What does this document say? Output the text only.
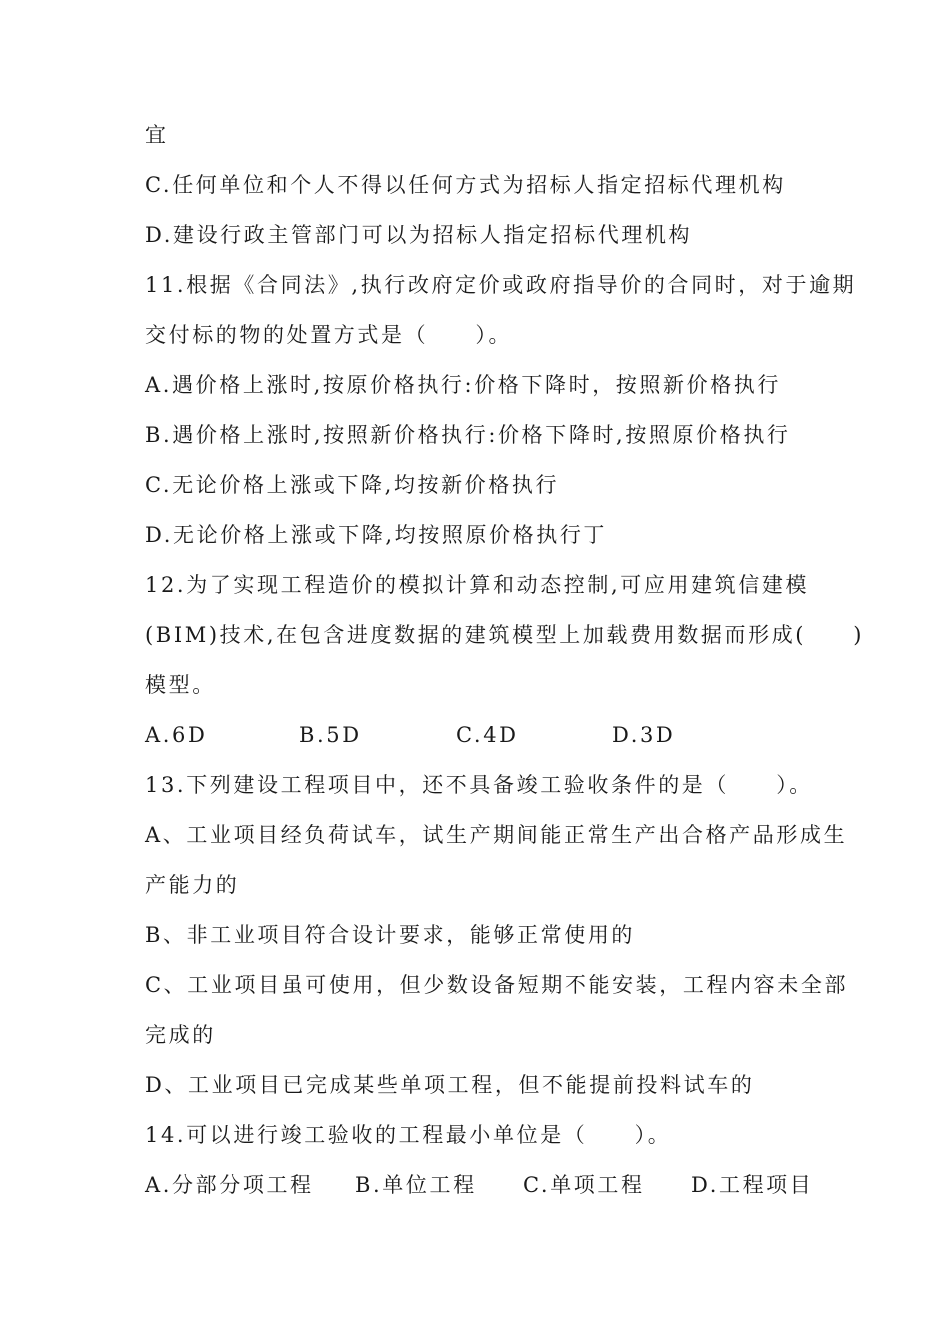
宜
C.任何单位和个人不得以任何方式为招标人指定招标代理机构
D.建设行政主管部门可以为招标人指定招标代理机构
11.根据《合同法》,执行改府定价或政府指导价的合同时，对于逾期
交付标的物的处置方式是（　　）。
A.遇价格上涨时,按原价格执行:价格下降时，按照新价格执行
B.遇价格上涨时,按照新价格执行:价格下降时,按照原价格执行
C.无论价格上涨或下降,均按新价格执行
D.无论价格上涨或下降,均按照原价格执行丁
12.为了实现工程造价的模拟计算和动态控制,可应用建筑信建模
(BIM)技术,在包含进度数据的建筑模型上加载费用数据而形成(　　)
模型。
A.6D	B.5D	C.4D	D.3D
13.下列建设工程项目中，还不具备竣工验收条件的是（　　）。
A、工业项目经负荷试车，试生产期间能正常生产出合格产品形成生
产能力的
B、非工业项目符合设计要求，能够正常使用的
C、工业项目虽可使用，但少数设备短期不能安装，工程内容未全部
完成的
D、工业项目已完成某些单项工程，但不能提前投料试车的
14.可以进行竣工验收的工程最小单位是（　　）。
A.分部分项工程 B.单位工程 C.单项工程 D.工程项目
